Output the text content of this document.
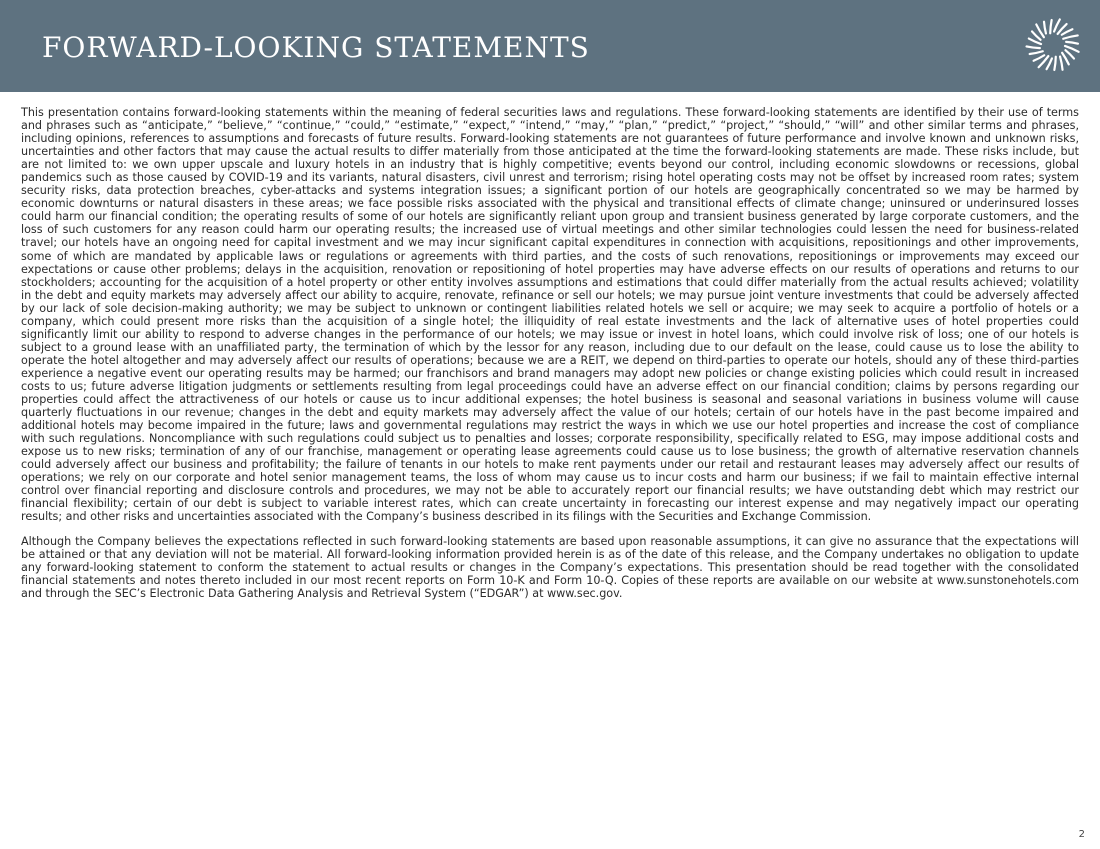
FORWARD-LOOKING STATEMENTS

This presentation contains forward-looking statements within the meaning of federal securities laws and regulations. These forward-looking statements are identified by their use of terms and phrases such as “anticipate,” “believe,” “continue,” “could,” “estimate,” “expect,” “intend,” “may,” “plan,” “predict,” “project,” “should,” “will” and other similar terms and phrases, including opinions, references to assumptions and forecasts of future results. Forward-looking statements are not guarantees of future performance and involve known and unknown risks, uncertainties and other factors that may cause the actual results to differ materially from those anticipated at the time the forward-looking statements are made. These risks include, but are not limited to: we own upper upscale and luxury hotels in an industry that is highly competitive; events beyond our control, including economic slowdowns or recessions, global pandemics such as those caused by COVID-19 and its variants, natural disasters, civil unrest and terrorism; rising hotel operating costs may not be offset by increased room rates; system security risks, data protection breaches, cyber-attacks and systems integration issues; a significant portion of our hotels are geographically concentrated so we may be harmed by economic downturns or natural disasters in these areas; we face possible risks associated with the physical and transitional effects of climate change; uninsured or underinsured losses could harm our financial condition; the operating results of some of our hotels are significantly reliant upon group and transient business generated by large corporate customers, and the loss of such customers for any reason could harm our operating results; the increased use of virtual meetings and other similar technologies could lessen the need for business-related travel; our hotels have an ongoing need for capital investment and we may incur significant capital expenditures in connection with acquisitions, repositionings and other improvements, some of which are mandated by applicable laws or regulations or agreements with third parties, and the costs of such renovations, repositionings or improvements may exceed our expectations or cause other problems; delays in the acquisition, renovation or repositioning of hotel properties may have adverse effects on our results of operations and returns to our stockholders; accounting for the acquisition of a hotel property or other entity involves assumptions and estimations that could differ materially from the actual results achieved; volatility in the debt and equity markets may adversely affect our ability to acquire, renovate, refinance or sell our hotels; we may pursue joint venture investments that could be adversely affected by our lack of sole decision-making authority; we may be subject to unknown or contingent liabilities related hotels we sell or acquire; we may seek to acquire a portfolio of hotels or a company, which could present more risks than the acquisition of a single hotel; the illiquidity of real estate investments and the lack of alternative uses of hotel properties could significantly limit our ability to respond to adverse changes in the performance of our hotels; we may issue or invest in hotel loans, which could involve risk of loss; one of our hotels is subject to a ground lease with an unaffiliated party, the termination of which by the lessor for any reason, including due to our default on the lease, could cause us to lose the ability to operate the hotel altogether and may adversely affect our results of operations; because we are a REIT, we depend on third-parties to operate our hotels, should any of these third-parties experience a negative event our operating results may be harmed; our franchisors and brand managers may adopt new policies or change existing policies which could result in increased costs to us; future adverse litigation judgments or settlements resulting from legal proceedings could have an adverse effect on our financial condition; claims by persons regarding our properties could affect the attractiveness of our hotels or cause us to incur additional expenses; the hotel business is seasonal and seasonal variations in business volume will cause quarterly fluctuations in our revenue; changes in the debt and equity markets may adversely affect the value of our hotels; certain of our hotels have in the past become impaired and additional hotels may become impaired in the future; laws and governmental regulations may restrict the ways in which we use our hotel properties and increase the cost of compliance with such regulations. Noncompliance with such regulations could subject us to penalties and losses; corporate responsibility, specifically related to ESG, may impose additional costs and expose us to new risks; termination of any of our franchise, management or operating lease agreements could cause us to lose business; the growth of alternative reservation channels could adversely affect our business and profitability; the failure of tenants in our hotels to make rent payments under our retail and restaurant leases may adversely affect our results of operations; we rely on our corporate and hotel senior management teams, the loss of whom may cause us to incur costs and harm our business; if we fail to maintain effective internal control over financial reporting and disclosure controls and procedures, we may not be able to accurately report our financial results; we have outstanding debt which may restrict our financial flexibility; certain of our debt is subject to variable interest rates, which can create uncertainty in forecasting our interest expense and may negatively impact our operating results; and other risks and uncertainties associated with the Company’s business described in its filings with the Securities and Exchange Commission.

Although the Company believes the expectations reflected in such forward-looking statements are based upon reasonable assumptions, it can give no assurance that the expectations will be attained or that any deviation will not be material. All forward-looking information provided herein is as of the date of this release, and the Company undertakes no obligation to update any forward-looking statement to conform the statement to actual results or changes in the Company’s expectations. This presentation should be read together with the consolidated financial statements and notes thereto included in our most recent reports on Form 10-K and Form 10-Q. Copies of these reports are available on our website at www.sunstonehotels.com and through the SEC’s Electronic Data Gathering Analysis and Retrieval System (“EDGAR”) at www.sec.gov.

2
